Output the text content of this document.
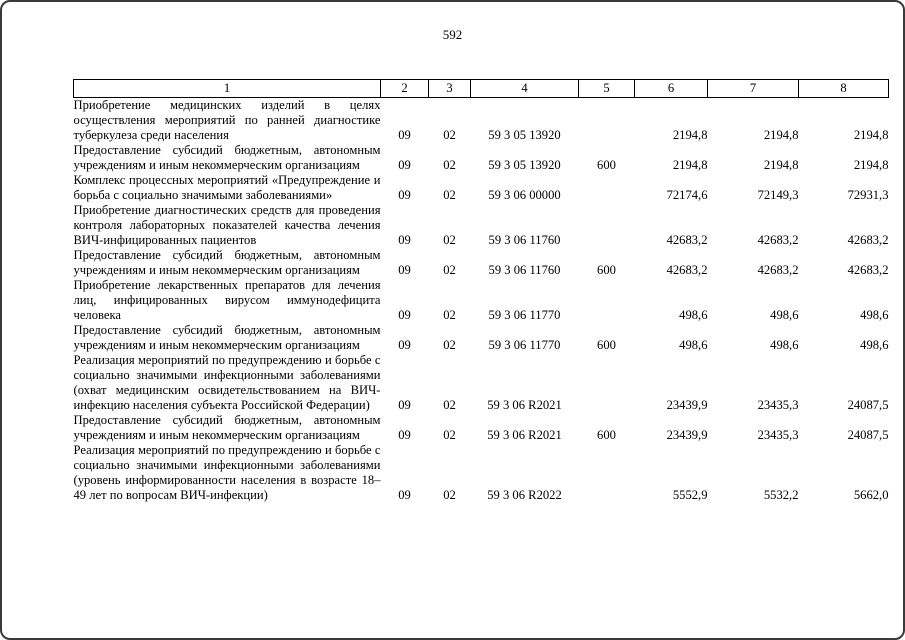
592
1	2	3	4	5	6	7	8
Приобретение медицинских изделий в целях осуществления мероприятий по ранней диагностике туберкулеза среди населения	09	02	59 3 05 13920		2194,8	2194,8	2194,8
Предоставление субсидий бюджетным, автономным учреждениям и иным некоммерческим организациям	09	02	59 3 05 13920	600	2194,8	2194,8	2194,8
Комплекс процессных мероприятий «Предупреждение и борьба с социально значимыми заболеваниями»	09	02	59 3 06 00000		72174,6	72149,3	72931,3
Приобретение диагностических средств для проведения контроля лабораторных показателей качества лечения ВИЧ-инфицированных пациентов	09	02	59 3 06 11760		42683,2	42683,2	42683,2
Предоставление субсидий бюджетным, автономным учреждениям и иным некоммерческим организациям	09	02	59 3 06 11760	600	42683,2	42683,2	42683,2
Приобретение лекарственных препаратов для лечения лиц, инфицированных вирусом иммунодефицита человека	09	02	59 3 06 11770		498,6	498,6	498,6
Предоставление субсидий бюджетным, автономным учреждениям и иным некоммерческим организациям	09	02	59 3 06 11770	600	498,6	498,6	498,6
Реализация мероприятий по предупреждению и борьбе с социально значимыми инфекционными заболеваниями (охват медицинским освидетельствованием на ВИЧ-инфекцию населения субъекта Российской Федерации)	09	02	59 3 06 R2021		23439,9	23435,3	24087,5
Предоставление субсидий бюджетным, автономным учреждениям и иным некоммерческим организациям	09	02	59 3 06 R2021	600	23439,9	23435,3	24087,5
Реализация мероприятий по предупреждению и борьбе с социально значимыми инфекционными заболеваниями (уровень информированности населения в возрасте 18–49 лет по вопросам ВИЧ-инфекции)	09	02	59 3 06 R2022		5552,9	5532,2	5662,0
